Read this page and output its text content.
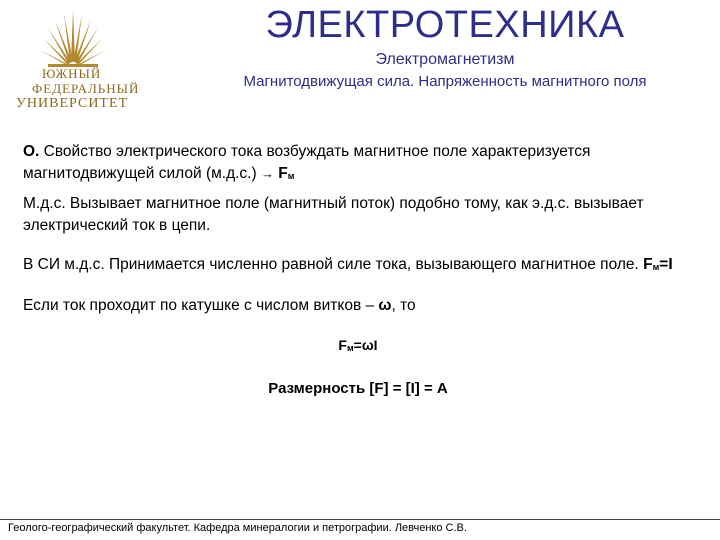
ЮЖНЫЙ
ФЕДЕРАЛЬНЫЙ
УНИВЕРСИТЕТ
ЭЛЕКТРОТЕХНИКА
Электромагнетизм
Магнитодвижущая сила. Напряженность магнитного поля

О. Свойство электрического тока возбуждать магнитное поле характеризуется магнитодвижущей силой (м.д.с.) → Fм

М.д.с. Вызывает магнитное поле (магнитный поток) подобно тому, как э.д.с. вызывает электрический ток в цепи.

В СИ м.д.с. Принимается численно равной силе тока, вызывающего магнитное поле. Fм=I

Если ток проходит по катушке с числом витков – ω, то

Fм=ωI

Размерность [F] = [I] = A

Геолого-географический факультет. Кафедра минералогии и петрографии. Левченко С.В.
